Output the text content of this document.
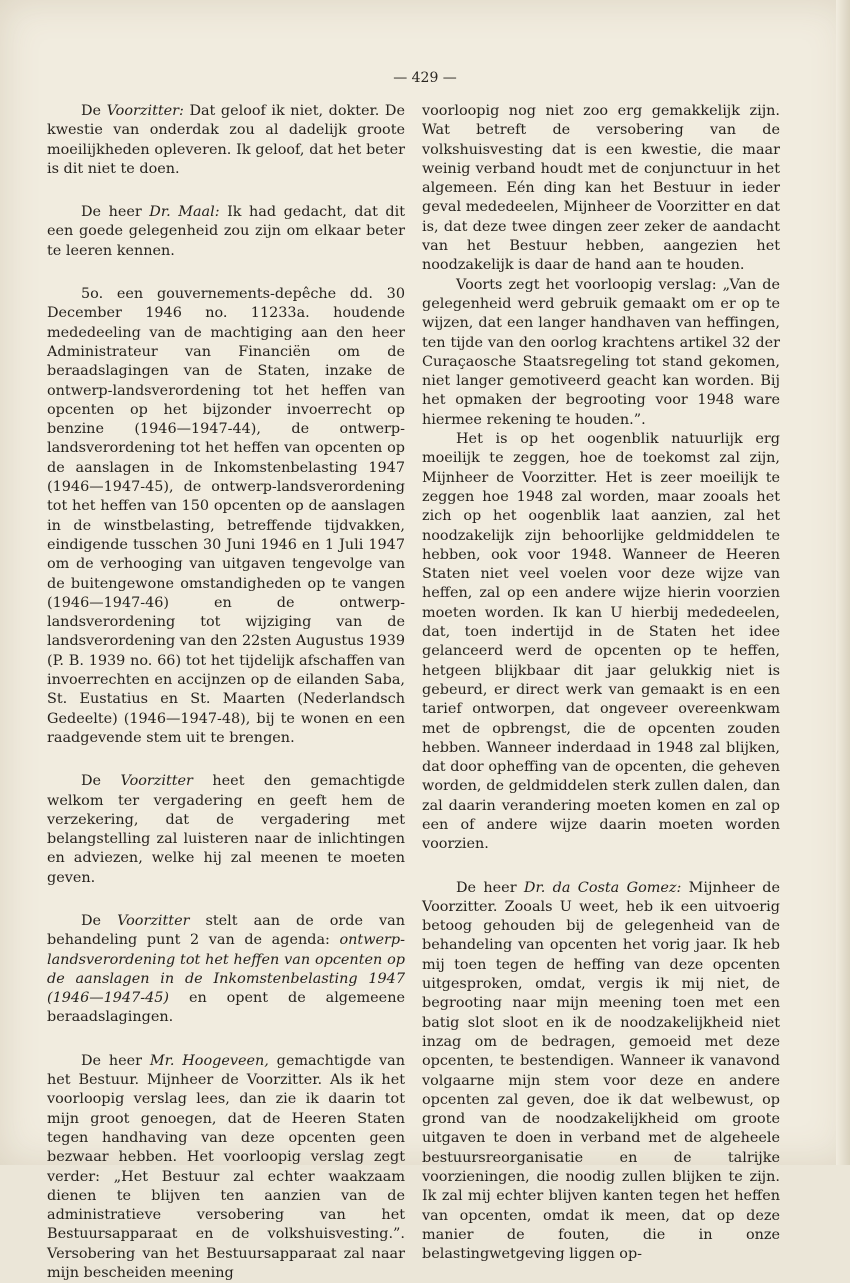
— 429 —

De Voorzitter: Dat geloof ik niet, dokter. De kwestie van onderdak zou al dadelijk groote moeilijkheden opleveren. Ik geloof, dat het beter is dit niet te doen.

De heer Dr. Maal: Ik had gedacht, dat dit een goede gelegenheid zou zijn om elkaar beter te leeren kennen.

5o. een gouvernements-depêche dd. 30 December 1946 no. 11233a. houdende mededeeling van de machtiging aan den heer Administrateur van Financiën om de beraadslagingen van de Staten, inzake de ontwerp-landsverordening tot het heffen van opcenten op het bijzonder invoerrecht op benzine (1946—1947-44), de ontwerp-landsverordening tot het heffen van opcenten op de aanslagen in de Inkomstenbelasting 1947 (1946—1947-45), de ontwerp-landsverordening tot het heffen van 150 opcenten op de aanslagen in de winstbelasting, betreffende tijdvakken, eindigende tusschen 30 Juni 1946 en 1 Juli 1947 om de verhooging van uitgaven tengevolge van de buitengewone omstandigheden op te vangen (1946—1947-46) en de ontwerp-landsverordening tot wijziging van de landsverordening van den 22sten Augustus 1939 (P. B. 1939 no. 66) tot het tijdelijk afschaffen van invoerrechten en accijnzen op de eilanden Saba, St. Eustatius en St. Maarten (Nederlandsch Gedeelte) (1946—1947-48), bij te wonen en een raadgevende stem uit te brengen.

De Voorzitter heet den gemachtigde welkom ter vergadering en geeft hem de verzekering, dat de vergadering met belangstelling zal luisteren naar de inlichtingen en adviezen, welke hij zal meenen te moeten geven.

De Voorzitter stelt aan de orde van behandeling punt 2 van de agenda: ontwerp-landsverordening tot het heffen van opcenten op de aanslagen in de Inkomstenbelasting 1947 (1946—1947-45) en opent de algemeene beraadslagingen.

De heer Mr. Hoogeveen, gemachtigde van het Bestuur. Mijnheer de Voorzitter. Als ik het voorloopig verslag lees, dan zie ik daarin tot mijn groot genoegen, dat de Heeren Staten tegen handhaving van deze opcenten geen bezwaar hebben. Het voorloopig verslag zegt verder: „Het Bestuur zal echter waakzaam dienen te blijven ten aanzien van de administratieve versobering van het Bestuursapparaat en de volkshuisvesting.”. Versobering van het Bestuursapparaat zal naar mijn bescheiden meening

voorloopig nog niet zoo erg gemakkelijk zijn. Wat betreft de versobering van de volkshuisvesting dat is een kwestie, die maar weinig verband houdt met de conjunctuur in het algemeen. Eén ding kan het Bestuur in ieder geval mededeelen, Mijnheer de Voorzitter en dat is, dat deze twee dingen zeer zeker de aandacht van het Bestuur hebben, aangezien het noodzakelijk is daar de hand aan te houden.

Voorts zegt het voorloopig verslag: „Van de gelegenheid werd gebruik gemaakt om er op te wijzen, dat een langer handhaven van heffingen, ten tijde van den oorlog krachtens artikel 32 der Curaçaosche Staatsregeling tot stand gekomen, niet langer gemotiveerd geacht kan worden. Bij het opmaken der begrooting voor 1948 ware hiermee rekening te houden.”.

Het is op het oogenblik natuurlijk erg moeilijk te zeggen, hoe de toekomst zal zijn, Mijnheer de Voorzitter. Het is zeer moeilijk te zeggen hoe 1948 zal worden, maar zooals het zich op het oogenblik laat aanzien, zal het noodzakelijk zijn behoorlijke geldmiddelen te hebben, ook voor 1948. Wanneer de Heeren Staten niet veel voelen voor deze wijze van heffen, zal op een andere wijze hierin voorzien moeten worden. Ik kan U hierbij mededeelen, dat, toen indertijd in de Staten het idee gelanceerd werd de opcenten op te heffen, hetgeen blijkbaar dit jaar gelukkig niet is gebeurd, er direct werk van gemaakt is en een tarief ontworpen, dat ongeveer overeenkwam met de opbrengst, die de opcenten zouden hebben. Wanneer inderdaad in 1948 zal blijken, dat door opheffing van de opcenten, die geheven worden, de geldmiddelen sterk zullen dalen, dan zal daarin verandering moeten komen en zal op een of andere wijze daarin moeten worden voorzien.

De heer Dr. da Costa Gomez: Mijnheer de Voorzitter. Zooals U weet, heb ik een uitvoerig betoog gehouden bij de gelegenheid van de behandeling van opcenten het vorig jaar. Ik heb mij toen tegen de heffing van deze opcenten uitgesproken, omdat, vergis ik mij niet, de begrooting naar mijn meening toen met een batig slot sloot en ik de noodzakelijkheid niet inzag om de bedragen, gemoeid met deze opcenten, te bestendigen. Wanneer ik vanavond volgaarne mijn stem voor deze en andere opcenten zal geven, doe ik dat welbewust, op grond van de noodzakelijkheid om groote uitgaven te doen in verband met de algeheele bestuursreorganisatie en de talrijke voorzieningen, die noodig zullen blijken te zijn. Ik zal mij echter blijven kanten tegen het heffen van opcenten, omdat ik meen, dat op deze manier de fouten, die in onze belastingwetgeving liggen op-
